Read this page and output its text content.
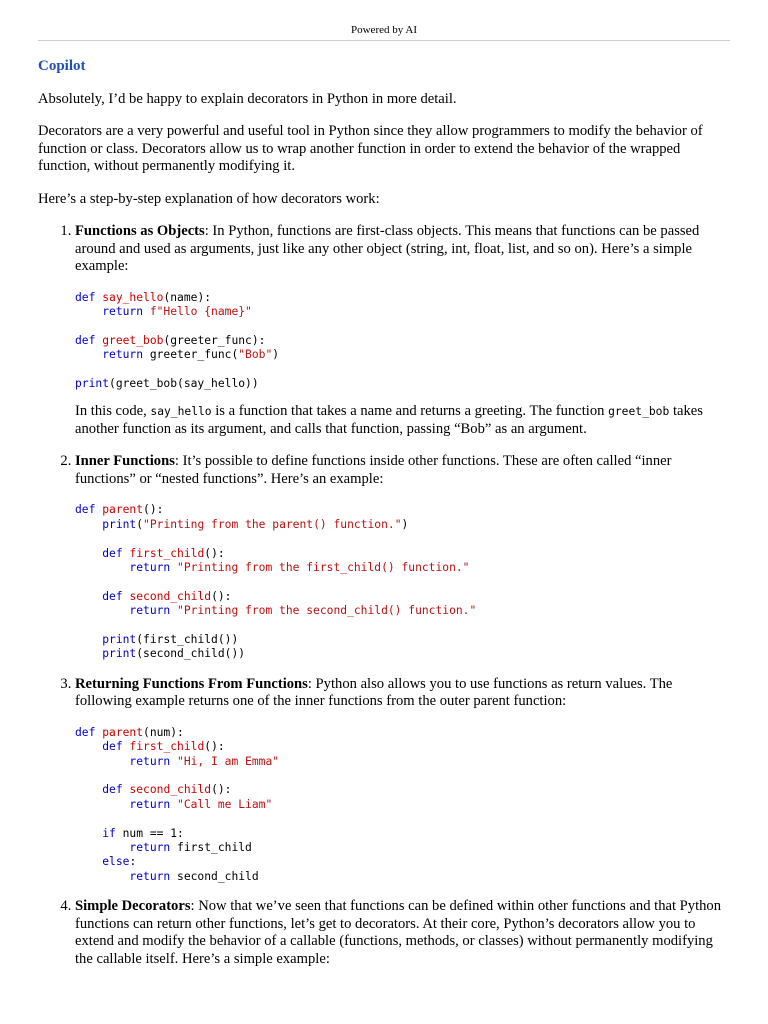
Powered by AI
Copilot

Absolutely, I’d be happy to explain decorators in Python in more detail.

Decorators are a very powerful and useful tool in Python since they allow programmers to modify the behavior of function or class. Decorators allow us to wrap another function in order to extend the behavior of the wrapped function, without permanently modifying it.

Here’s a step-by-step explanation of how decorators work:

1. Functions as Objects: In Python, functions are first-class objects. This means that functions can be passed around and used as arguments, just like any other object (string, int, float, list, and so on). Here’s a simple example:

def say_hello(name):
return f"Hello {name}"

def greet_bob(greeter_func):
return greeter_func("Bob")

print(greet_bob(say_hello))

In this code, say_hello is a function that takes a name and returns a greeting. The function greet_bob takes another function as its argument, and calls that function, passing “Bob” as an argument.

2. Inner Functions: It’s possible to define functions inside other functions. These are often called “inner functions” or “nested functions”. Here’s an example:

def parent():
print("Printing from the parent() function.")

def first_child():
return "Printing from the first_child() function."

def second_child():
return "Printing from the second_child() function."

print(first_child())
print(second_child())

3. Returning Functions From Functions: Python also allows you to use functions as return values. The following example returns one of the inner functions from the outer parent function:

def parent(num):
def first_child():
return "Hi, I am Emma"

def second_child():
return "Call me Liam"

if num == 1:
return first_child
else:
return second_child

4. Simple Decorators: Now that we’ve seen that functions can be defined within other functions and that Python functions can return other functions, let’s get to decorators. At their core, Python’s decorators allow you to extend and modify the behavior of a callable (functions, methods, or classes) without permanently modifying the callable itself. Here’s a simple example:
